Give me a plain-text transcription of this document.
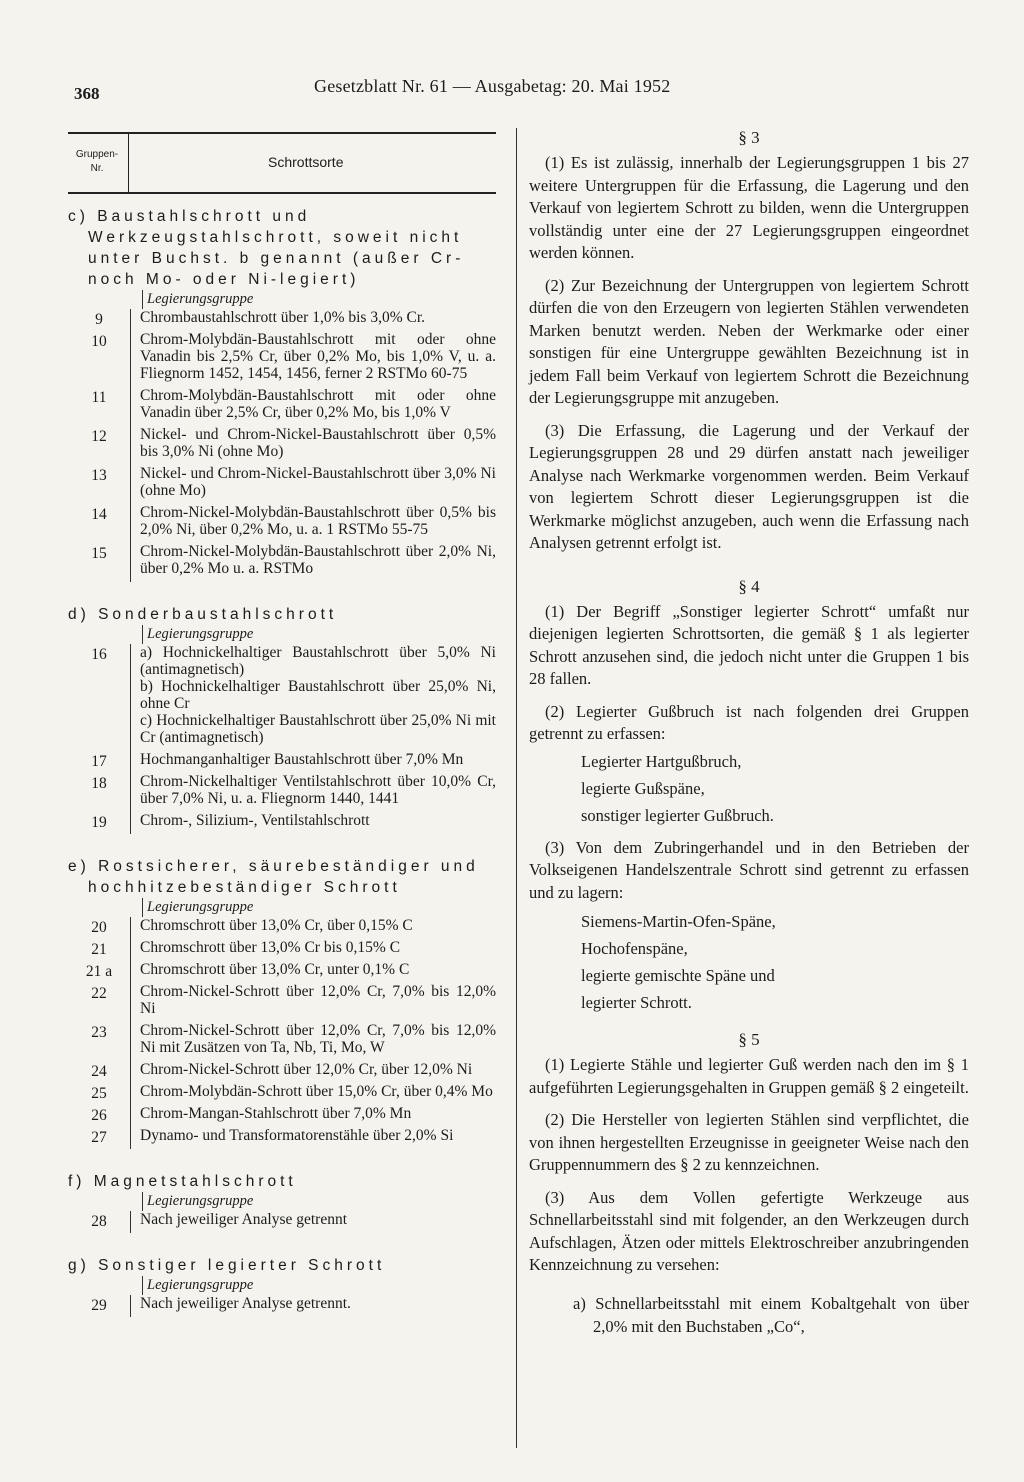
368	Gesetzblatt Nr. 61 — Ausgabetag: 20. Mai 1952
Gruppen-
Nr.	Schrottsorte
c) Baustahlschrott und Werkzeugstahlschrott, soweit nicht unter Buchst. b genannt (außer Cr- noch Mo- oder Ni-legiert)
Legierungsgruppe
9	Chrombaustahlschrott über 1,0% bis 3,0% Cr.
10	Chrom-Molybdän-Baustahlschrott mit oder ohne Vanadin bis 2,5% Cr, über 0,2% Mo, bis 1,0% V, u. a. Fliegnorm 1452, 1454, 1456, ferner 2 RSTMo 60-75
11	Chrom-Molybdän-Baustahlschrott mit oder ohne Vanadin über 2,5% Cr, über 0,2% Mo, bis 1,0% V
12	Nickel- und Chrom-Nickel-Baustahlschrott über 0,5% bis 3,0% Ni (ohne Mo)
13	Nickel- und Chrom-Nickel-Baustahlschrott über 3,0% Ni (ohne Mo)
14	Chrom-Nickel-Molybdän-Baustahlschrott über 0,5% bis 2,0% Ni, über 0,2% Mo, u. a. 1 RSTMo 55-75
15	Chrom-Nickel-Molybdän-Baustahlschrott über 2,0% Ni, über 0,2% Mo u. a. RSTMo
d) Sonderbaustahlschrott
Legierungsgruppe
16	a) Hochnickelhaltiger Baustahlschrott über 5,0% Ni (antimagnetisch)
b) Hochnickelhaltiger Baustahlschrott über 25,0% Ni, ohne Cr
c) Hochnickelhaltiger Baustahlschrott über 25,0% Ni mit Cr (antimagnetisch)
17	Hochmanganhaltiger Baustahlschrott über 7,0% Mn
18	Chrom-Nickelhaltiger Ventilstahlschrott über 10,0% Cr, über 7,0% Ni, u. a. Fliegnorm 1440, 1441
19	Chrom-, Silizium-, Ventilstahlschrott
e) Rostsicherer, säurebeständiger und hochhitzebeständiger Schrott
Legierungsgruppe
20	Chromschrott über 13,0% Cr, über 0,15% C
21	Chromschrott über 13,0% Cr bis 0,15% C
21 a	Chromschrott über 13,0% Cr, unter 0,1% C
22	Chrom-Nickel-Schrott über 12,0% Cr, 7,0% bis 12,0% Ni
23	Chrom-Nickel-Schrott über 12,0% Cr, 7,0% bis 12,0% Ni mit Zusätzen von Ta, Nb, Ti, Mo, W
24	Chrom-Nickel-Schrott über 12,0% Cr, über 12,0% Ni
25	Chrom-Molybdän-Schrott über 15,0% Cr, über 0,4% Mo
26	Chrom-Mangan-Stahlschrott über 7,0% Mn
27	Dynamo- und Transformatorenstähle über 2,0% Si
f) Magnetstahlschrott
Legierungsgruppe
28	Nach jeweiliger Analyse getrennt
g) Sonstiger legierter Schrott
Legierungsgruppe
29	Nach jeweiliger Analyse getrennt.
§ 3

(1) Es ist zulässig, innerhalb der Legierungsgruppen 1 bis 27 weitere Untergruppen für die Erfassung, die Lagerung und den Verkauf von legiertem Schrott zu bilden, wenn die Untergruppen vollständig unter eine der 27 Legierungsgruppen eingeordnet werden können.

(2) Zur Bezeichnung der Untergruppen von legiertem Schrott dürfen die von den Erzeugern von legierten Stählen verwendeten Marken benutzt werden. Neben der Werkmarke oder einer sonstigen für eine Untergruppe gewählten Bezeichnung ist in jedem Fall beim Verkauf von legiertem Schrott die Bezeichnung der Legierungsgruppe mit anzugeben.

(3) Die Erfassung, die Lagerung und der Verkauf der Legierungsgruppen 28 und 29 dürfen anstatt nach jeweiliger Analyse nach Werkmarke vorgenommen werden. Beim Verkauf von legiertem Schrott dieser Legierungsgruppen ist die Werkmarke möglichst anzugeben, auch wenn die Erfassung nach Analysen getrennt erfolgt ist.

§ 4

(1) Der Begriff „Sonstiger legierter Schrott“ umfaßt nur diejenigen legierten Schrottsorten, die gemäß § 1 als legierter Schrott anzusehen sind, die jedoch nicht unter die Gruppen 1 bis 28 fallen.

(2) Legierter Gußbruch ist nach folgenden drei Gruppen getrennt zu erfassen:

Legierter Hartgußbruch,
legierte Gußspäne,
sonstiger legierter Gußbruch.

(3) Von dem Zubringerhandel und in den Betrieben der Volkseigenen Handelszentrale Schrott sind getrennt zu erfassen und zu lagern:

Siemens-Martin-Ofen-Späne,
Hochofenspäne,
legierte gemischte Späne und
legierter Schrott.
§ 5

(1) Legierte Stähle und legierter Guß werden nach den im § 1 aufgeführten Legierungsgehalten in Gruppen gemäß § 2 eingeteilt.

(2) Die Hersteller von legierten Stählen sind verpflichtet, die von ihnen hergestellten Erzeugnisse in geeigneter Weise nach den Gruppennummern des § 2 zu kennzeichnen.

(3) Aus dem Vollen gefertigte Werkzeuge aus Schnellarbeitsstahl sind mit folgender, an den Werkzeugen durch Aufschlagen, Ätzen oder mittels Elektroschreiber anzubringenden Kennzeichnung zu versehen:

a) Schnellarbeitsstahl mit einem Kobaltgehalt von über 2,0% mit den Buchstaben „Co“,
